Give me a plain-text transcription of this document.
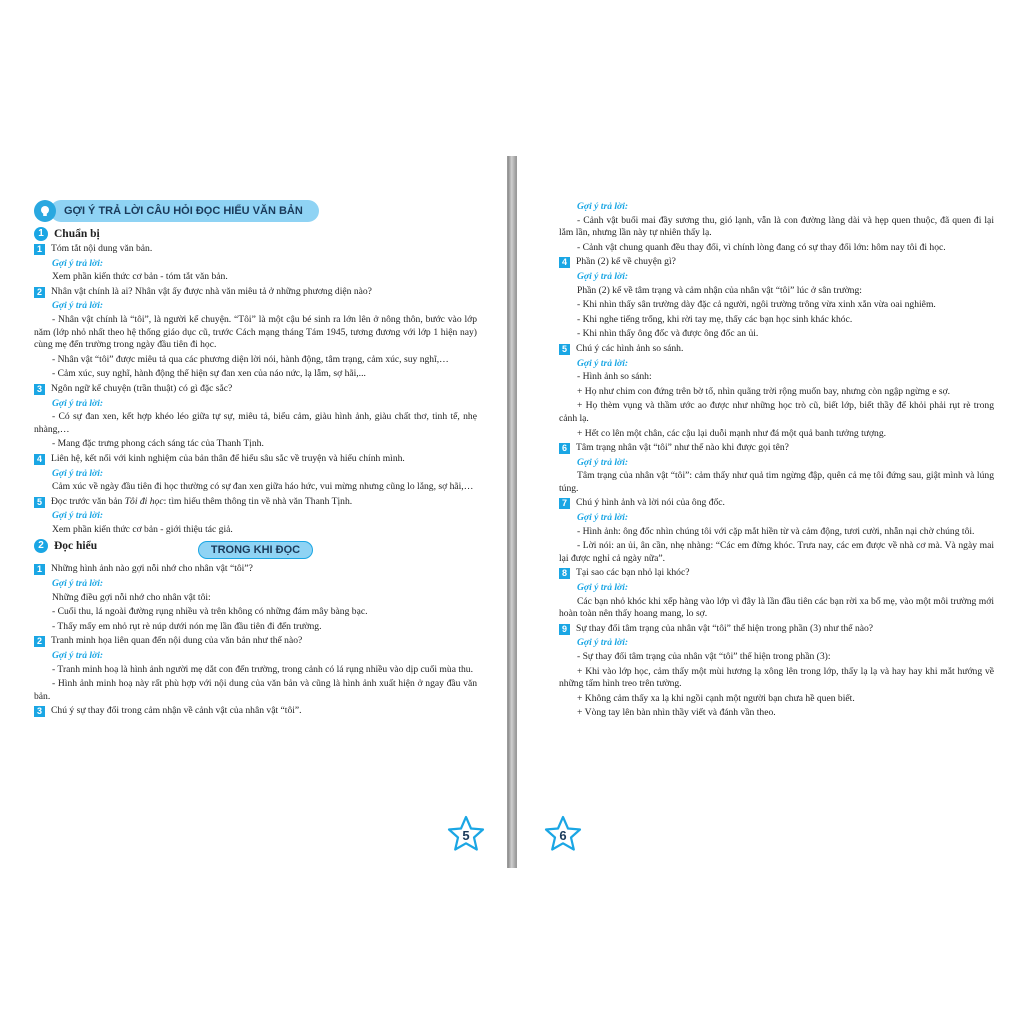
GỢI Ý TRẢ LỜI CÂU HỎI ĐỌC HIỂU VĂN BẢN
1 Chuẩn bị
1 Tóm tắt nội dung văn bản.
Gợi ý trả lời:
Xem phần kiến thức cơ bản - tóm tắt văn bản.
2 Nhân vật chính là ai? Nhân vật ấy được nhà văn miêu tả ở những phương diện nào?
Gợi ý trả lời:
- Nhân vật chính là “tôi”, là người kể chuyện. “Tôi” là một cậu bé sinh ra lớn lên ở nông thôn, bước vào lớp năm (lớp nhỏ nhất theo hệ thống giáo dục cũ, trước Cách mạng tháng Tám 1945, tương đương với lớp 1 hiện nay) cùng mẹ đến trường trong ngày đầu tiên đi học.
- Nhân vật “tôi” được miêu tả qua các phương diện lời nói, hành động, tâm trạng, cảm xúc, suy nghĩ,…
- Cảm xúc, suy nghĩ, hành động thể hiện sự đan xen của náo nức, lạ lẫm, sợ hãi,...
3 Ngôn ngữ kể chuyện (trần thuật) có gì đặc sắc?
Gợi ý trả lời:
- Có sự đan xen, kết hợp khéo léo giữa tự sự, miêu tả, biểu cảm, giàu hình ảnh, giàu chất thơ, tinh tế, nhẹ nhàng,…
- Mang đặc trưng phong cách sáng tác của Thanh Tịnh.
4 Liên hệ, kết nối với kinh nghiệm của bản thân để hiểu sâu sắc về truyện và hiểu chính mình.
Gợi ý trả lời:
Cảm xúc về ngày đầu tiên đi học thường có sự đan xen giữa háo hức, vui mừng nhưng cũng lo lắng, sợ hãi,…
5 Đọc trước văn bản Tôi đi học: tìm hiểu thêm thông tin về nhà văn Thanh Tịnh.
Gợi ý trả lời:
Xem phần kiến thức cơ bản - giới thiệu tác giả.
2 Đọc hiểu	TRONG KHI ĐỌC
1 Những hình ảnh nào gợi nỗi nhớ cho nhân vật “tôi”?
Gợi ý trả lời:
Những điều gợi nỗi nhớ cho nhân vật tôi:
- Cuối thu, lá ngoài đường rụng nhiều và trên không có những đám mây bàng bạc.
- Thấy mấy em nhỏ rụt rè núp dưới nón mẹ lần đầu tiên đi đến trường.
2 Tranh minh họa liên quan đến nội dung của văn bản như thế nào?
Gợi ý trả lời:
- Tranh minh hoạ là hình ảnh người mẹ dắt con đến trường, trong cảnh có lá rụng nhiều vào dịp cuối mùa thu.
- Hình ảnh minh hoạ này rất phù hợp với nội dung của văn bản và cũng là hình ảnh xuất hiện ở ngay đầu văn bản.
3 Chú ý sự thay đổi trong cảm nhận về cảnh vật của nhân vật “tôi”.
5
Gợi ý trả lời:
- Cảnh vật buổi mai đầy sương thu, gió lạnh, vẫn là con đường làng dài và hẹp quen thuộc, đã quen đi lại lắm lần, nhưng lần này tự nhiên thấy lạ.
- Cảnh vật chung quanh đều thay đổi, vì chính lòng đang có sự thay đổi lớn: hôm nay tôi đi học.
4 Phần (2) kể về chuyện gì?
Gợi ý trả lời:
Phần (2) kể về tâm trạng và cảm nhận của nhân vật “tôi” lúc ở sân trường:
- Khi nhìn thấy sân trường dày đặc cả người, ngôi trường trông vừa xinh xắn vừa oai nghiêm.
- Khi nghe tiếng trống, khi rời tay mẹ, thấy các bạn học sinh khác khóc.
- Khi nhìn thấy ông đốc và được ông đốc an ủi.
5 Chú ý các hình ảnh so sánh.
Gợi ý trả lời:
- Hình ảnh so sánh:
+ Họ như chim con đứng trên bờ tổ, nhìn quãng trời rộng muốn bay, nhưng còn ngập ngừng e sợ.
+ Họ thèm vụng và thầm ước ao được như những học trò cũ, biết lớp, biết thầy để khỏi phải rụt rè trong cảnh lạ.
+ Hết co lên một chân, các cậu lại duỗi mạnh như đá một quả banh tưởng tượng.
6 Tâm trạng nhân vật “tôi” như thế nào khi được gọi tên?
Gợi ý trả lời:
Tâm trạng của nhân vật “tôi”: cảm thấy như quả tim ngừng đập, quên cả mẹ tôi đứng sau, giật mình và lúng túng.
7 Chú ý hình ảnh và lời nói của ông đốc.
Gợi ý trả lời:
- Hình ảnh: ông đốc nhìn chúng tôi với cặp mắt hiền từ và cảm động, tươi cười, nhẫn nại chờ chúng tôi.
- Lời nói: an ủi, ân cần, nhẹ nhàng: “Các em đừng khóc. Trưa nay, các em được về nhà cơ mà. Và ngày mai lại được nghỉ cả ngày nữa”.
8 Tại sao các bạn nhỏ lại khóc?
Gợi ý trả lời:
Các bạn nhỏ khóc khi xếp hàng vào lớp vì đây là lần đầu tiên các bạn rời xa bố mẹ, vào một môi trường mới hoàn toàn nên thấy hoang mang, lo sợ.
9 Sự thay đổi tâm trạng của nhân vật “tôi” thể hiện trong phần (3) như thế nào?
Gợi ý trả lời:
- Sự thay đổi tâm trạng của nhân vật “tôi” thể hiện trong phần (3):
+ Khi vào lớp học, cảm thấy một mùi hương lạ xông lên trong lớp, thấy lạ lạ và hay hay khi mắt hướng về những tấm hình treo trên tường.
+ Không cảm thấy xa lạ khi ngồi cạnh một người bạn chưa hề quen biết.
+ Vòng tay lên bàn nhìn thầy viết và đánh vần theo.
6
